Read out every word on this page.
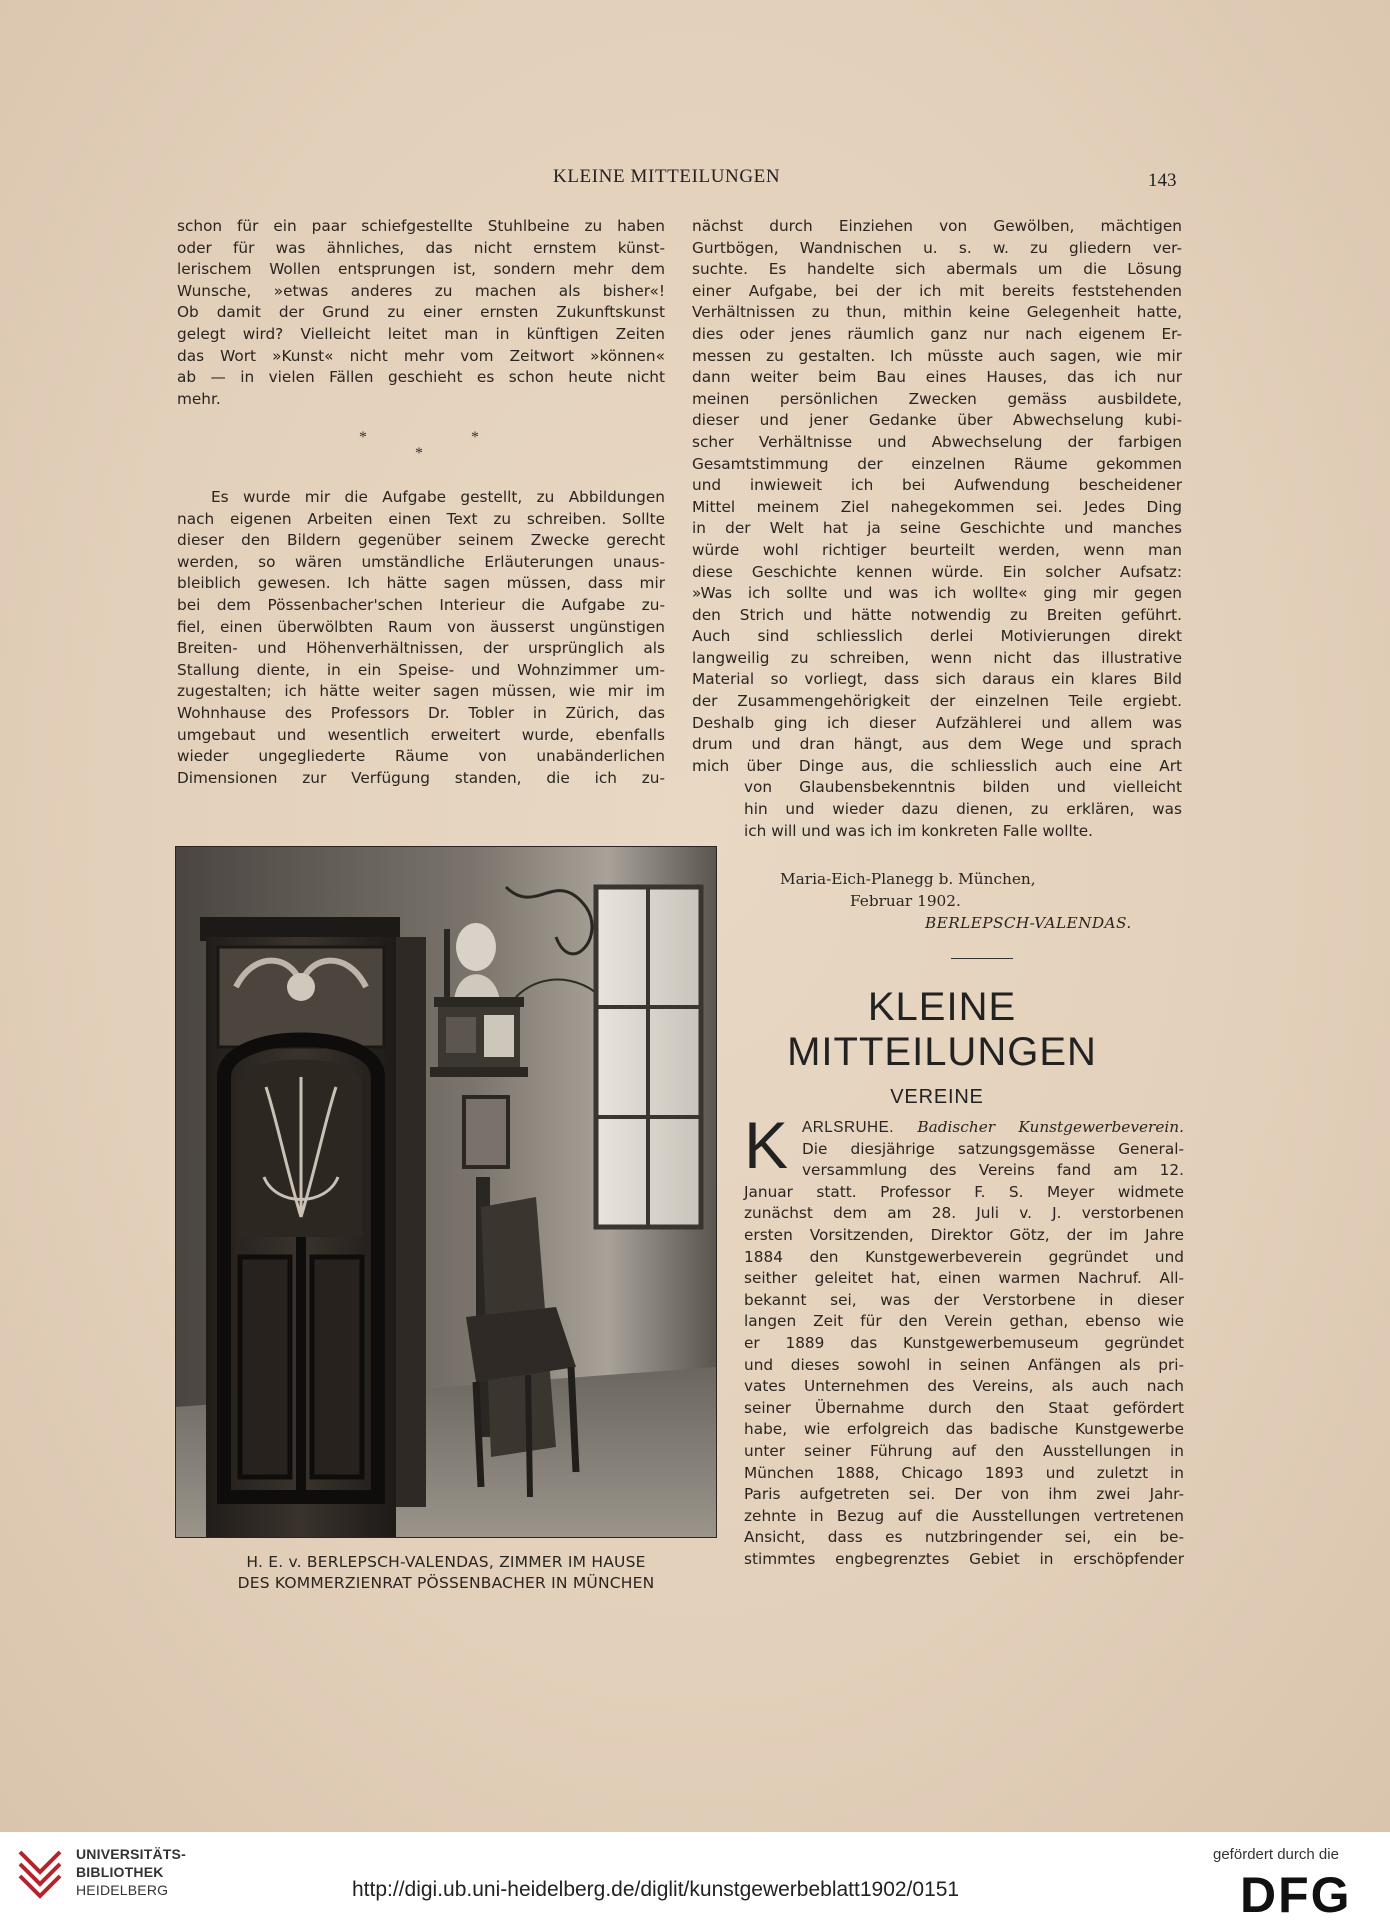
KLEINE MITTEILUNGEN	143
schon für ein paar schiefgestellte Stuhlbeine zu haben
oder für was ähnliches, das nicht ernstem künst-
lerischem Wollen entsprungen ist, sondern mehr dem
Wunsche, »etwas anderes zu machen als bisher«!
Ob damit der Grund zu einer ernsten Zukunftskunst
gelegt wird? Vielleicht leitet man in künftigen Zeiten
das Wort »Kunst« nicht mehr vom Zeitwort »können«
ab — in vielen Fällen geschieht es schon heute nicht
mehr.
*
*
*
Es wurde mir die Aufgabe gestellt, zu Abbildungen
nach eigenen Arbeiten einen Text zu schreiben. Sollte
dieser den Bildern gegenüber seinem Zwecke gerecht
werden, so wären umständliche Erläuterungen unaus-
bleiblich gewesen. Ich hätte sagen müssen, dass mir
bei dem Pössenbacher'schen Interieur die Aufgabe zu-
fiel, einen überwölbten Raum von äusserst ungünstigen
Breiten- und Höhenverhältnissen, der ursprünglich als
Stallung diente, in ein Speise- und Wohnzimmer um-
zugestalten; ich hätte weiter sagen müssen, wie mir im
Wohnhause des Professors Dr. Tobler in Zürich, das
umgebaut und wesentlich erweitert wurde, ebenfalls
wieder ungegliederte Räume von unabänderlichen
Dimensionen zur Verfügung standen, die ich zu-
nächst durch Einziehen von Gewölben, mächtigen
Gurtbögen, Wandnischen u. s. w. zu gliedern ver-
suchte. Es handelte sich abermals um die Lösung
einer Aufgabe, bei der ich mit bereits feststehenden
Verhältnissen zu thun, mithin keine Gelegenheit hatte,
dies oder jenes räumlich ganz nur nach eigenem Er-
messen zu gestalten. Ich müsste auch sagen, wie mir
dann weiter beim Bau eines Hauses, das ich nur
meinen persönlichen Zwecken gemäss ausbildete,
dieser und jener Gedanke über Abwechselung kubi-
scher Verhältnisse und Abwechselung der farbigen
Gesamtstimmung der einzelnen Räume gekommen
und inwieweit ich bei Aufwendung bescheidener
Mittel meinem Ziel nahegekommen sei. Jedes Ding
in der Welt hat ja seine Geschichte und manches
würde wohl richtiger beurteilt werden, wenn man
diese Geschichte kennen würde. Ein solcher Aufsatz:
»Was ich sollte und was ich wollte« ging mir gegen
den Strich und hätte notwendig zu Breiten geführt.
Auch sind schliesslich derlei Motivierungen direkt
langweilig zu schreiben, wenn nicht das illustrative
Material so vorliegt, dass sich daraus ein klares Bild
der Zusammengehörigkeit der einzelnen Teile ergiebt.
Deshalb ging ich dieser Aufzählerei und allem was
drum und dran hängt, aus dem Wege und sprach
mich über Dinge aus, die schliesslich auch eine Art
von Glaubensbekenntnis bilden und vielleicht
hin und wieder dazu dienen, zu erklären, was
ich will und was ich im konkreten Falle wollte.
Maria-Eich-Planegg b. München,
Februar 1902.
BERLEPSCH-VALENDAS.
KLEINE
MITTEILUNGEN
VEREINE
K ARLSRUHE. Badischer Kunstgewerbeverein.
Die diesjährige satzungsgemässe General-
versammlung des Vereins fand am 12.
Januar statt. Professor F. S. Meyer widmete
zunächst dem am 28. Juli v. J. verstorbenen
ersten Vorsitzenden, Direktor Götz, der im Jahre
1884 den Kunstgewerbeverein gegründet und
seither geleitet hat, einen warmen Nachruf. All-
bekannt sei, was der Verstorbene in dieser
langen Zeit für den Verein gethan, ebenso wie
er 1889 das Kunstgewerbemuseum gegründet
und dieses sowohl in seinen Anfängen als pri-
vates Unternehmen des Vereins, als auch nach
seiner Übernahme durch den Staat gefördert
habe, wie erfolgreich das badische Kunstgewerbe
unter seiner Führung auf den Ausstellungen in
München 1888, Chicago 1893 und zuletzt in
Paris aufgetreten sei. Der von ihm zwei Jahr-
zehnte in Bezug auf die Ausstellungen vertretenen
Ansicht, dass es nutzbringender sei, ein be-
stimmtes engbegrenztes Gebiet in erschöpfender
H. E. v. BERLEPSCH-VALENDAS, ZIMMER IM HAUSE
DES KOMMERZIENRAT PÖSSENBACHER IN MÜNCHEN
UNIVERSITÄTS-
BIBLIOTHEK
HEIDELBERG	http://digi.ub.uni-heidelberg.de/diglit/kunstgewerbeblatt1902/0151
gefördert durch die
DFG
